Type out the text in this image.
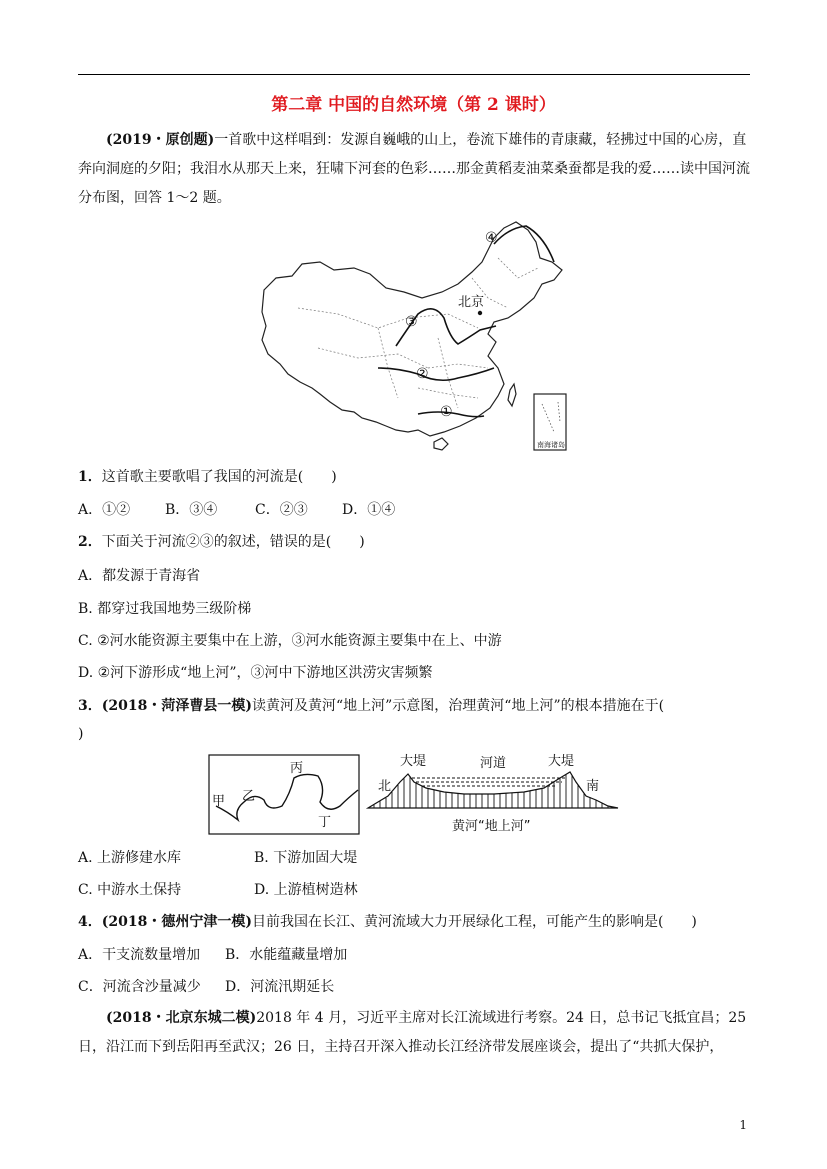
第二章 中国的自然环境（第 2 课时）
(2019・原创题)一首歌中这样唱到：发源自巍峨的山上，卷流下雄伟的青康藏，轻拂过中国的心房，直奔向洞庭的夕阳；我泪水从那天上来，狂啸下河套的色彩……那金黄稻麦油菜桑蚕都是我的爱……读中国河流分布图，回答 1～2 题。
北京
④
③
②
①
南海诸岛
1．这首歌主要歌唱了我国的河流是(　　)
A．①② B．③④	C．②③ D．①④
2．下面关于河流②③的叙述，错误的是(　　)
A．都发源于青海省
B. 都穿过我国地势三级阶梯
C. ②河水能资源主要集中在上游，③河水能资源主要集中在上、中游
D. ②河下游形成“地上河”，③河中下游地区洪涝灾害频繁
3．(2018・菏泽曹县一模)读黄河及黄河“地上河”示意图，治理黄河“地上河”的根本措施在于(
)
甲 乙
丙
丁
大堤	河道	大堤
北	南
黄河“地上河”
A. 上游修建水库	B. 下游加固大堤
C. 中游水土保持	D. 上游植树造林
4．(2018・德州宁津一模)目前我国在长江、黄河流域大力开展绿化工程，可能产生的影响是(　　)
A．干支流数量增加 B．水能蕴藏量增加
C．河流含沙量减少 D．河流汛期延长
(2018・北京东城二模)2018 年 4 月，习近平主席对长江流域进行考察。24 日，总书记飞抵宜昌；25 日，沿江而下到岳阳再至武汉；26 日，主持召开深入推动长江经济带发展座谈会，提出了“共抓大保护，
1
